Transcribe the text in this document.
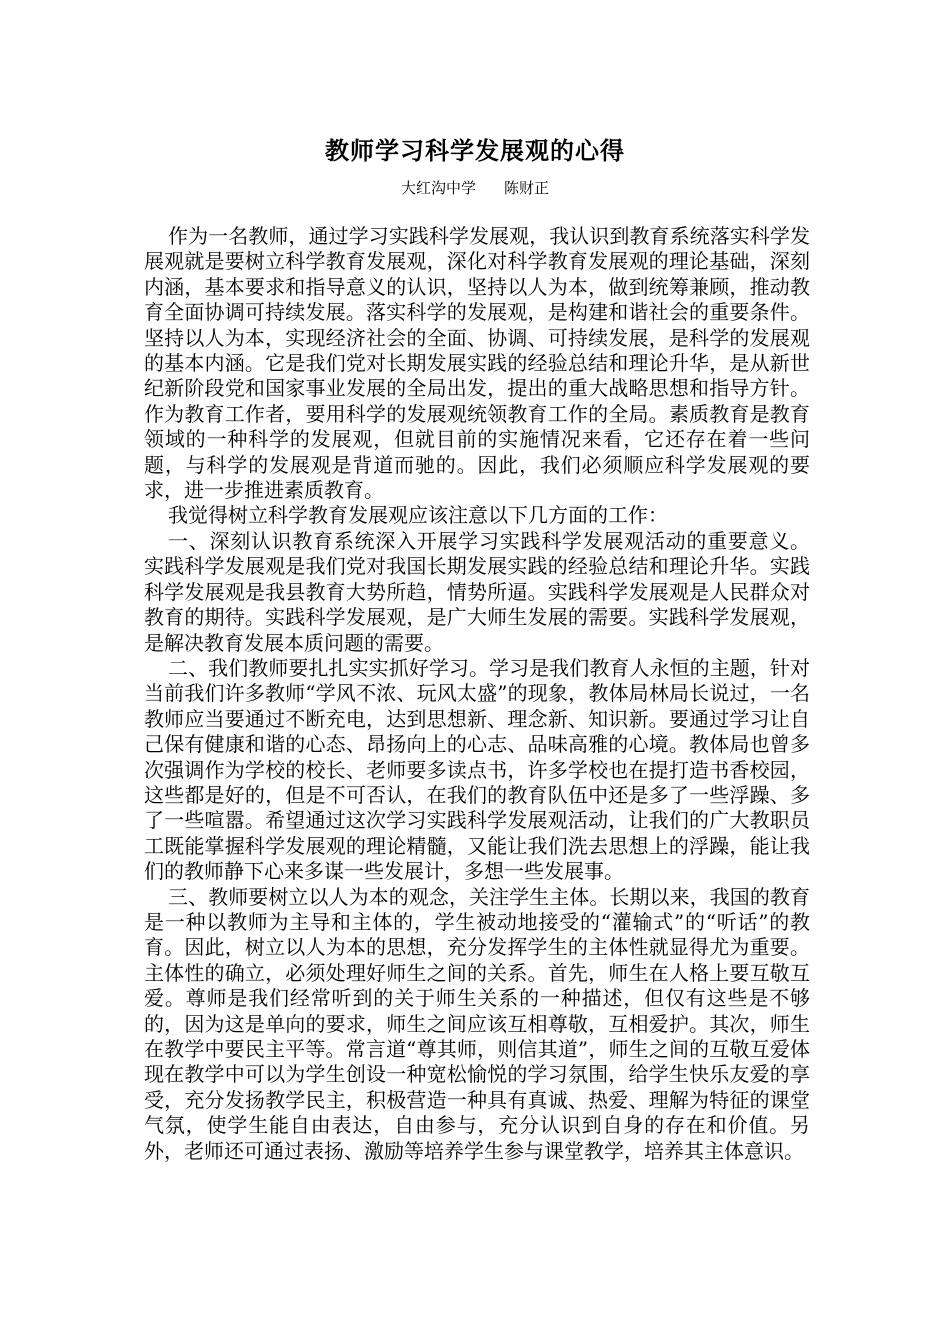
教师学习科学发展观的心得
大红沟中学 陈财正

作为一名教师，通过学习实践科学发展观，我认识到教育系统落实科学发展观就是要树立科学教育发展观，深化对科学教育发展观的理论基础，深刻内涵，基本要求和指导意义的认识，坚持以人为本，做到统筹兼顾，推动教育全面协调可持续发展。落实科学的发展观，是构建和谐社会的重要条件。坚持以人为本，实现经济社会的全面、协调、可持续发展，是科学的发展观的基本内涵。它是我们党对长期发展实践的经验总结和理论升华，是从新世纪新阶段党和国家事业发展的全局出发，提出的重大战略思想和指导方针。作为教育工作者，要用科学的发展观统领教育工作的全局。素质教育是教育领域的一种科学的发展观，但就目前的实施情况来看，它还存在着一些问题，与科学的发展观是背道而驰的。因此，我们必须顺应科学发展观的要求，进一步推进素质教育。

我觉得树立科学教育发展观应该注意以下几方面的工作：

一、深刻认识教育系统深入开展学习实践科学发展观活动的重要意义。 实践科学发展观是我们党对我国长期发展实践的经验总结和理论升华。实践科学发展观是我县教育大势所趋，情势所逼。实践科学发展观是人民群众对教育的期待。实践科学发展观，是广大师生发展的需要。实践科学发展观，是解决教育发展本质问题的需要。

二、我们教师要扎扎实实抓好学习。学习是我们教育人永恒的主题，针对当前我们许多教师“学风不浓、玩风太盛”的现象，教体局林局长说过，一名教师应当要通过不断充电，达到思想新、理念新、知识新。要通过学习让自己保有健康和谐的心态、昂扬向上的心志、品味高雅的心境。教体局也曾多次强调作为学校的校长、老师要多读点书，许多学校也在提打造书香校园，这些都是好的，但是不可否认，在我们的教育队伍中还是多了一些浮躁、多了一些喧嚣。希望通过这次学习实践科学发展观活动，让我们的广大教职员工既能掌握科学发展观的理论精髓，又能让我们洗去思想上的浮躁，能让我们的教师静下心来多谋一些发展计，多想一些发展事。

三、教师要树立以人为本的观念，关注学生主体。长期以来，我国的教育是一种以教师为主导和主体的，学生被动地接受的“灌输式”的“听话”的教育。因此，树立以人为本的思想，充分发挥学生的主体性就显得尤为重要。主体性的确立，必须处理好师生之间的关系。首先，师生在人格上要互敬互爱。尊师是我们经常听到的关于师生关系的一种描述，但仅有这些是不够的，因为这是单向的要求，师生之间应该互相尊敬，互相爱护。其次，师生在教学中要民主平等。常言道“尊其师，则信其道”，师生之间的互敬互爱体现在教学中可以为学生创设一种宽松愉悦的学习氛围，给学生快乐友爱的享受，充分发扬教学民主，积极营造一种具有真诚、热爱、理解为特征的课堂气氛，使学生能自由表达，自由参与，充分认识到自身的存在和价值。另外，老师还可通过表扬、激励等培养学生参与课堂教学，培养其主体意识。
